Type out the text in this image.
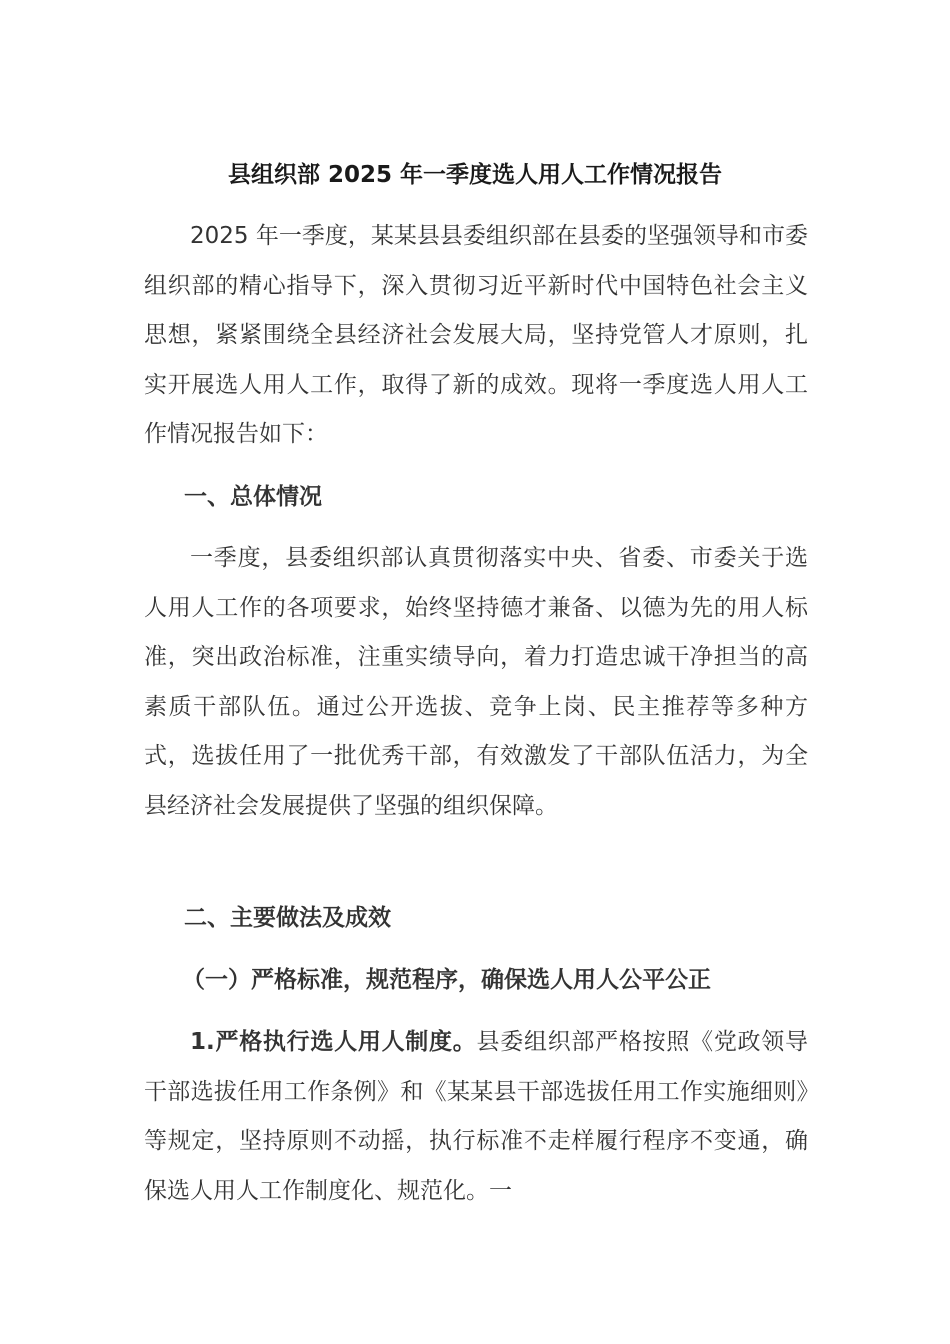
县组织部 2025 年一季度选人用人工作情况报告

2025 年一季度，某某县县委组织部在县委的坚强领导和市委组织部的精心指导下，深入贯彻习近平新时代中国特色社会主义思想，紧紧围绕全县经济社会发展大局，坚持党管人才原则，扎实开展选人用人工作，取得了新的成效。现将一季度选人用人工作情况报告如下：

一、总体情况

一季度，县委组织部认真贯彻落实中央、省委、市委关于选人用人工作的各项要求，始终坚持德才兼备、以德为先的用人标准，突出政治标准，注重实绩导向，着力打造忠诚干净担当的高素质干部队伍。通过公开选拔、竞争上岗、民主推荐等多种方式，选拔任用了一批优秀干部，有效激发了干部队伍活力，为全县经济社会发展提供了坚强的组织保障。

二、主要做法及成效

（一）严格标准，规范程序，确保选人用人公平公正

1.严格执行选人用人制度。县委组织部严格按照《党政领导干部选拔任用工作条例》和《某某县干部选拔任用工作实施细则》等规定，坚持原则不动摇，执行标准不走样履行程序不变通，确保选人用人工作制度化、规范化。一
